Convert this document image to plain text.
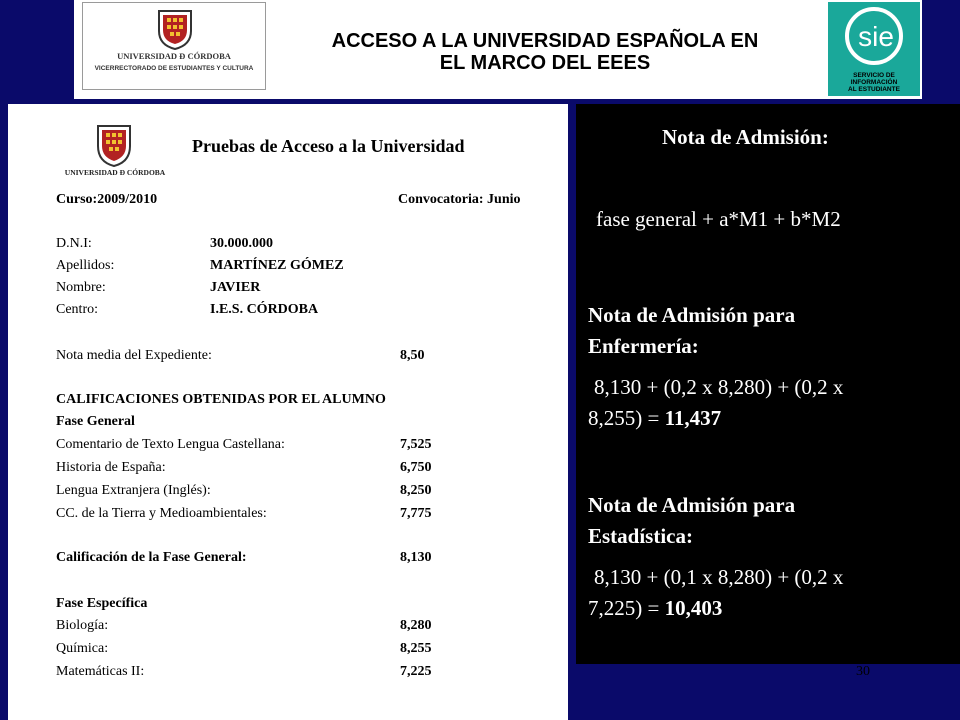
UNIVERSIDAD Ð CÓRDOBA
VICERRECTORADO DE ESTUDIANTES Y CULTURA
ACCESO A LA UNIVERSIDAD ESPAÑOLA EN
EL MARCO DEL EEES
sie
SERVICIO DE
INFORMACIÓN
AL ESTUDIANTE
UNIVERSIDAD Ð CÓRDOBA
Pruebas de Acceso a la Universidad
Curso:2009/2010	Convocatoria: Junio
D.N.I:	30.000.000
Apellidos:	MARTÍNEZ GÓMEZ
Nombre:	JAVIER
Centro:	I.E.S. CÓRDOBA
Nota media del Expediente:	8,50
CALIFICACIONES OBTENIDAS POR EL ALUMNO
Fase General
Comentario de Texto Lengua Castellana:	7,525
Historia de España:	6,750
Lengua Extranjera (Inglés):	8,250
CC. de la Tierra y Medioambientales:	7,775
Calificación de la Fase General:	8,130
Fase Específica
Biología:	8,280
Química:	8,255
Matemáticas II:	7,225
Nota de Admisión:
fase general + a*M1 + b*M2
Nota de Admisión para
Enfermería:
8,130 + (0,2 x 8,280) + (0,2 x
8,255) = 11,437
Nota de Admisión para
Estadística:
8,130 + (0,1 x 8,280) + (0,2 x
7,225) = 10,403
30
